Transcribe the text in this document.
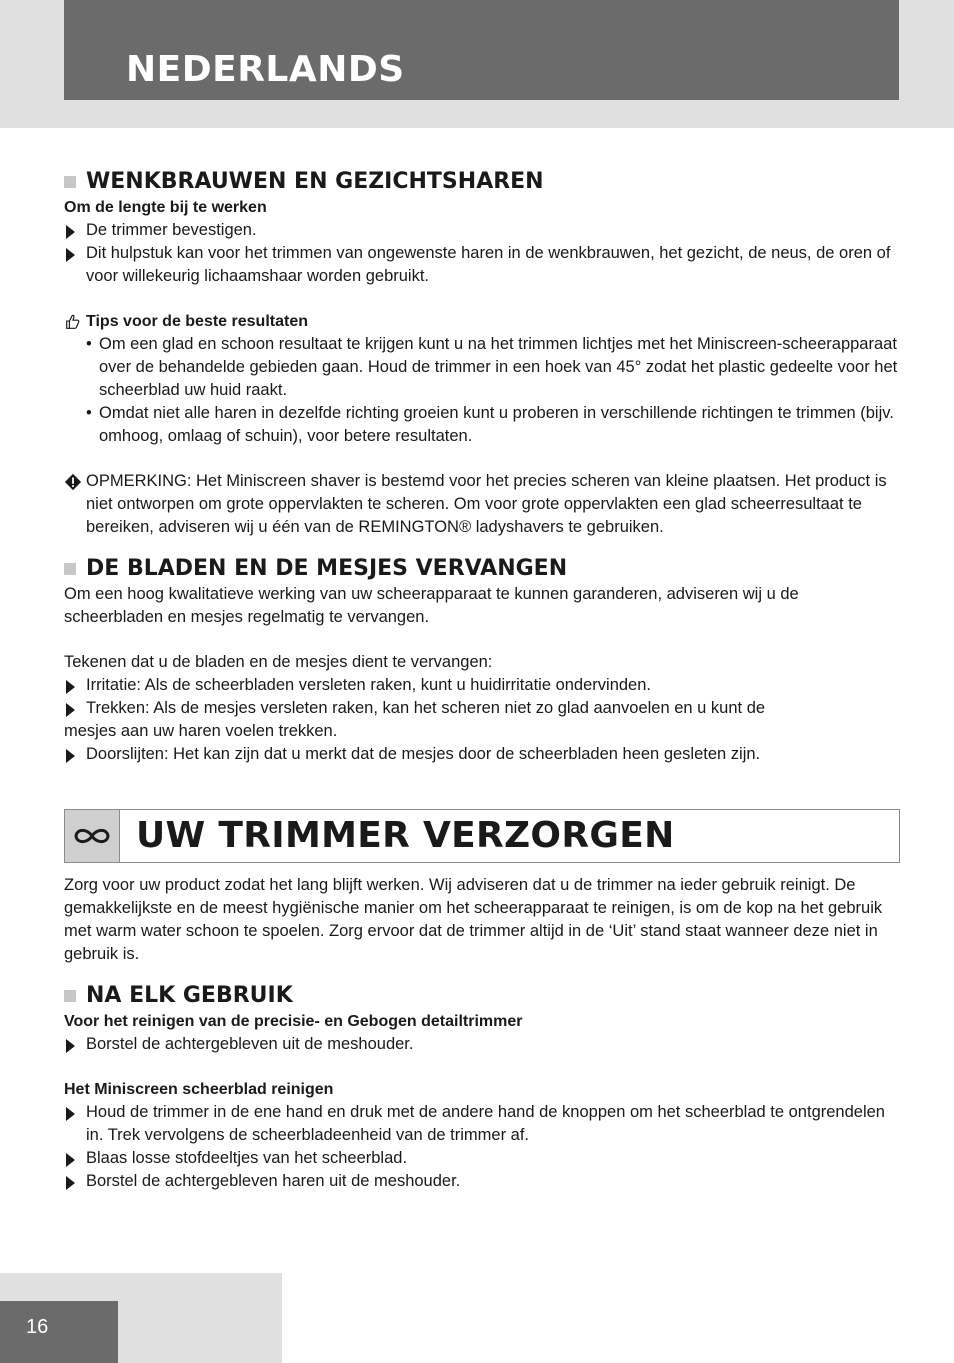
NEDERLANDS
WENKBRAUWEN EN GEZICHTSHAREN
Om de lengte bij te werken
De trimmer bevestigen.
Dit hulpstuk kan voor het trimmen van ongewenste haren in de wenkbrauwen, het gezicht, de neus, de oren of voor willekeurig lichaamshaar worden gebruikt.
Tips voor de beste resultaten
• Om een glad en schoon resultaat te krijgen kunt u na het trimmen lichtjes met het Miniscreen-scheerapparaat over de behandelde gebieden gaan. Houd de trimmer in een hoek van 45° zodat het plastic gedeelte voor het scheerblad uw huid raakt.
• Omdat niet alle haren in dezelfde richting groeien kunt u proberen in verschillende richtingen te trimmen (bijv. omhoog, omlaag of schuin), voor betere resultaten.
OPMERKING: Het Miniscreen shaver is bestemd voor het precies scheren van kleine plaatsen. Het product is niet ontworpen om grote oppervlakten te scheren. Om voor grote oppervlakten een glad scheerresultaat te bereiken, adviseren wij u één van de REMINGTON® ladyshavers te gebruiken.
DE BLADEN EN DE MESJES VERVANGEN
Om een hoog kwalitatieve werking van uw scheerapparaat te kunnen garanderen, adviseren wij u de scheerbladen en mesjes regelmatig te vervangen.
Tekenen dat u de bladen en de mesjes dient te vervangen:
Irritatie: Als de scheerbladen versleten raken, kunt u huidirritatie ondervinden.
Trekken: Als de mesjes versleten raken, kan het scheren niet zo glad aanvoelen en u kunt de
mesjes aan uw haren voelen trekken.
Doorslijten: Het kan zijn dat u merkt dat de mesjes door de scheerbladen heen gesleten zijn.
UW TRIMMER VERZORGEN
Zorg voor uw product zodat het lang blijft werken. Wij adviseren dat u de trimmer na ieder gebruik reinigt. De gemakkelijkste en de meest hygiënische manier om het scheerapparaat te reinigen, is om de kop na het gebruik met warm water schoon te spoelen. Zorg ervoor dat de trimmer altijd in de ‘Uit’ stand staat wanneer deze niet in gebruik is.
NA ELK GEBRUIK
Voor het reinigen van de precisie- en Gebogen detailtrimmer
Borstel de achtergebleven uit de meshouder.
Het Miniscreen scheerblad reinigen
Houd de trimmer in de ene hand en druk met de andere hand de knoppen om het scheerblad te ontgrendelen in. Trek vervolgens de scheerbladeenheid van de trimmer af.
Blaas losse stofdeeltjes van het scheerblad.
Borstel de achtergebleven haren uit de meshouder.
16
